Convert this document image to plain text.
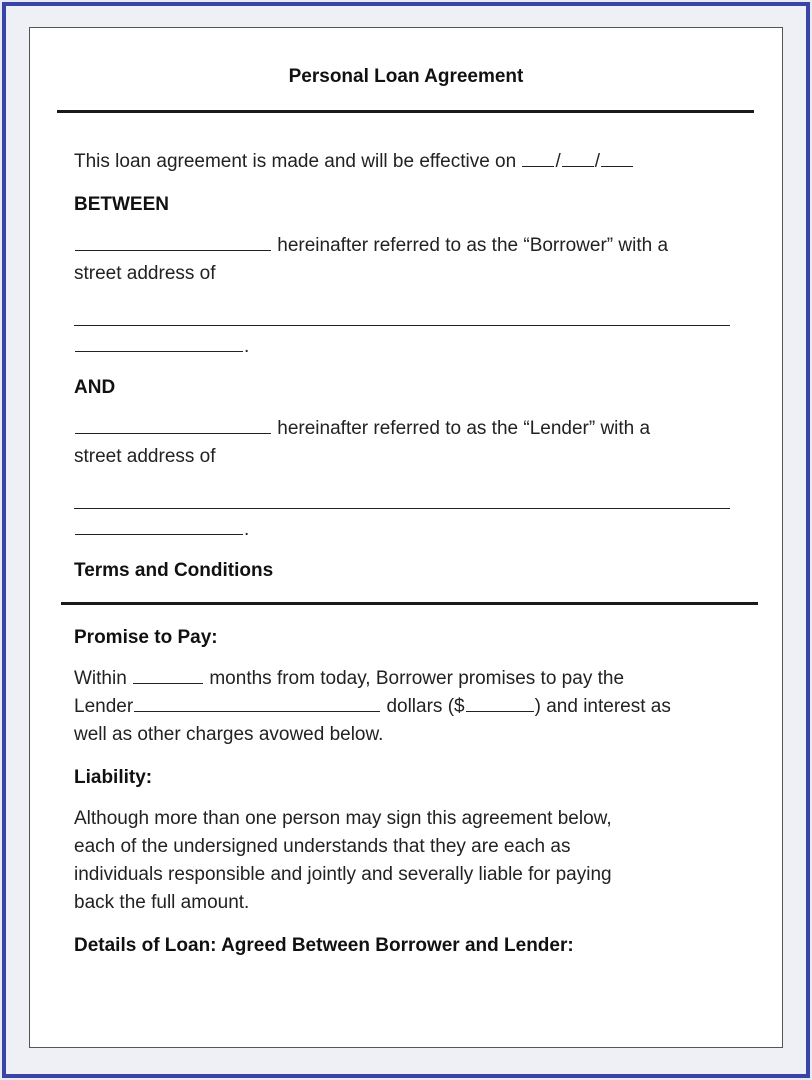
Personal Loan Agreement
This loan agreement is made and will be effective on / /
BETWEEN
hereinafter referred to as the “Borrower” with a
street address of
.
AND
hereinafter referred to as the “Lender” with a
street address of
.
Terms and Conditions
Promise to Pay:
Within	months from today, Borrower promises to pay the
Lender	dollars ($	) and interest as
well as other charges avowed below.
Liability:
Although more than one person may sign this agreement below,
each of the undersigned understands that they are each as
individuals responsible and jointly and severally liable for paying
back the full amount.
Details of Loan: Agreed Between Borrower and Lender:
